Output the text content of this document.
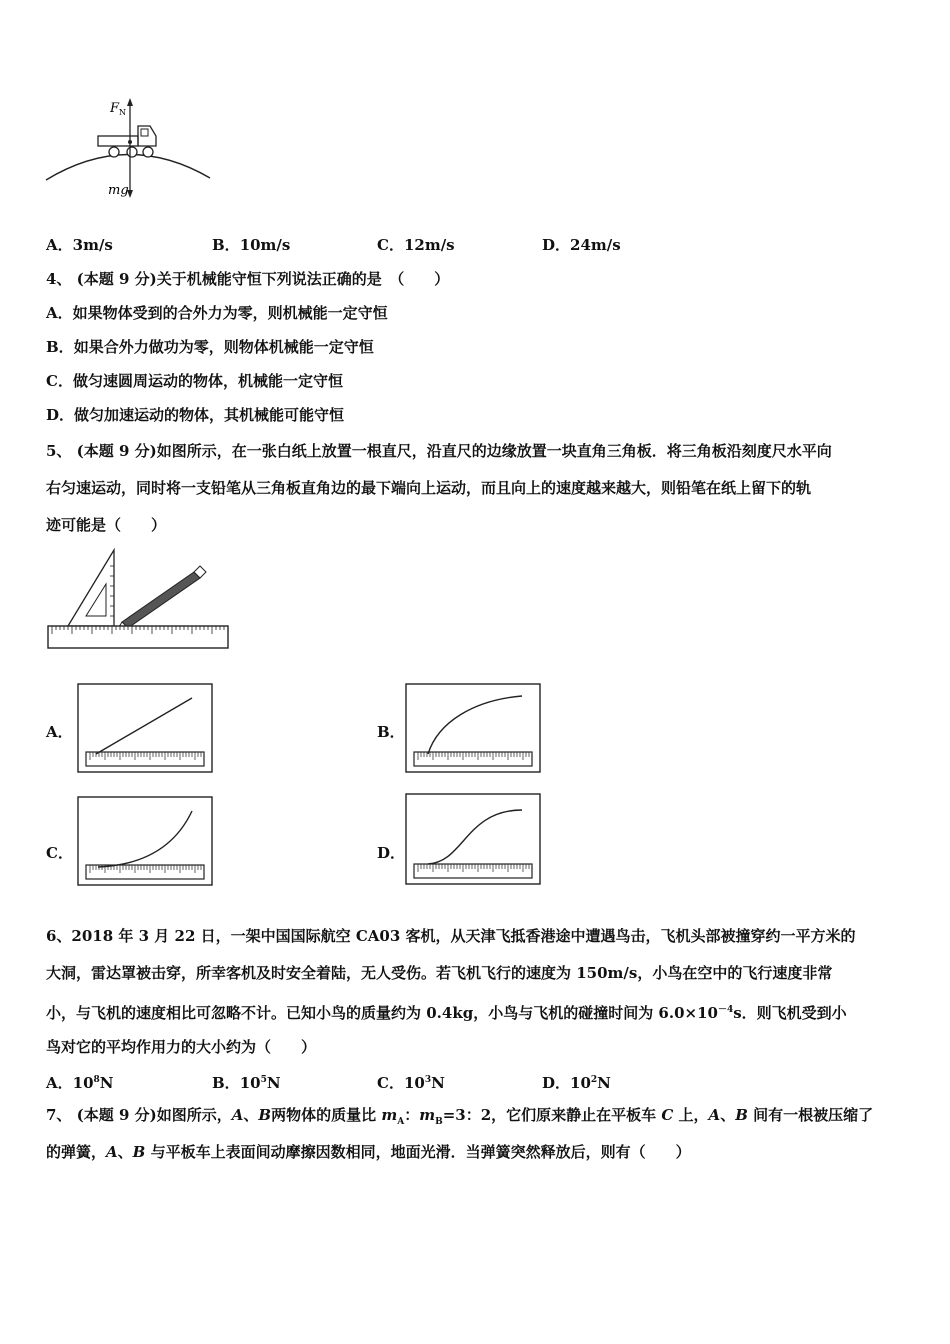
F N
mg
A．3m/s	B．10m/s	C．12m/s	D．24m/s
4、 (本题 9 分)关于机械能守恒下列说法正确的是　（　　）
A．如果物体受到的合外力为零，则机械能一定守恒
B．如果合外力做功为零，则物体机械能一定守恒
C．做匀速圆周运动的物体，机械能一定守恒
D．做匀加速运动的物体，其机械能可能守恒
5、 (本题 9 分)如图所示，在一张白纸上放置一根直尺，沿直尺的边缘放置一块直角三角板．将三角板沿刻度尺水平向
右匀速运动，同时将一支铅笔从三角板直角边的最下端向上运动，而且向上的速度越来越大，则铅笔在纸上留下的轨
迹可能是（　　）
A．	B．
C．	D．
6、2018 年 3 月 22 日，一架中国国际航空 CA03 客机，从天津飞抵香港途中遭遇鸟击，飞机头部被撞穿约一平方米的
大洞，雷达罩被击穿，所幸客机及时安全着陆，无人受伤。若飞机飞行的速度为 150m/s，小鸟在空中的飞行速度非常
小，与飞机的速度相比可忽略不计。已知小鸟的质量约为 0.4kg，小鸟与飞机的碰撞时间为 $6.0\times 10^{-4}s$．则飞机受到小
鸟对它的平均作用力的大小约为（　　）
A．$10^8N$	B．$10^5N$	C．$10^3N$	D．$10^2N$
7、 (本题 9 分)如图所示，A、B两物体的质量比 $m_A$：$m_B=3$：2，它们原来静止在平板车 C 上，A、B 间有一根被压缩了
的弹簧，A、B 与平板车上表面间动摩擦因数相同，地面光滑．当弹簧突然释放后，则有（　　）
